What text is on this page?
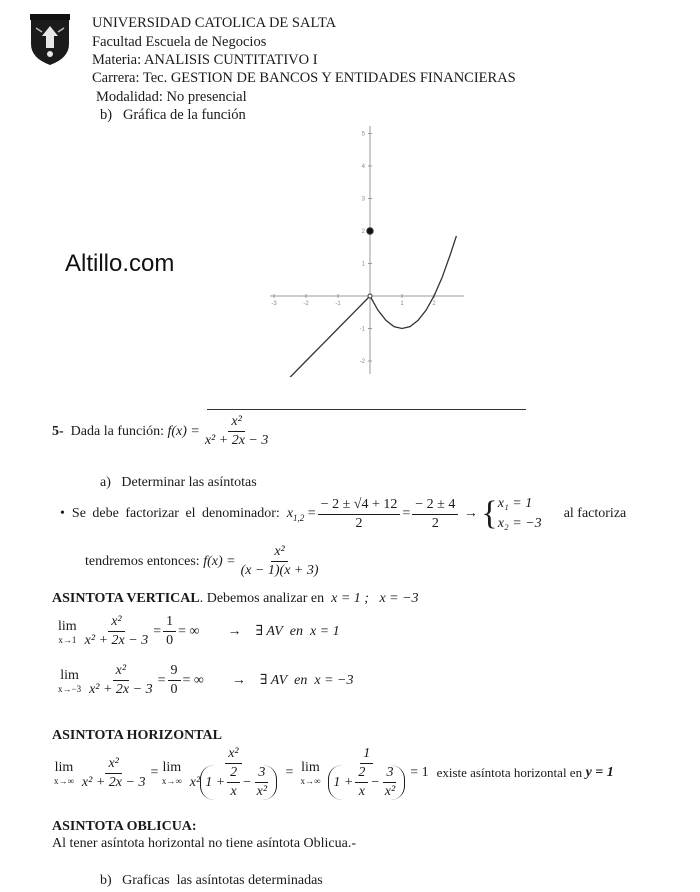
UNIVERSIDAD CATOLICA DE SALTA
Facultad Escuela de Negocios
Materia: ANALISIS CUNTITATIVO I
Carrera: Tec. GESTION DE BANCOS Y ENTIDADES FINANCIERAS
Modalidad: No presencial
b)   Gráfica de la función
Altillo.com
-3	-2	-1	1	2
5
4
3
2
1
-1
-2
5-
Dada la función:
$f(x) = \frac{\text{x²}}{\text{x² + 2x − 3}}$
a)   Determinar las asíntotas
• Se debe factorizar el denominador:
$x_{1,2}$
= $\frac{- 2 \pm √4 + 12}{2} = \frac{- 2 \pm 4}{2}$
→
{ x₁ = 1
x₂ = −3
al factoriza
tendremos entonces:
$f(x) = \frac{\text{x²}}{(x - 1)(x + 3)}$
ASINTOTA VERTICAL. Debemos analizar en x = 1 ;   x = −3
lim
$x\to 1 \frac{\text{x²}}{\text{x² + 2x − 3}} = \frac{1}{0}$ = ∞ → ∃ AV  en  x = 1
lim
$x\to-3 \frac{\text{x²}}{\text{x² + 2x − 3}} = \frac{9}{0}$ = ∞ → ∃ AV  en  x = −3
ASINTOTA HORIZONTAL
lim
$x\to\infty \frac{\text{x²}}{\text{x² + 2x − 3}}$ =
lim
$x\to\infty \frac{\text{x²}}{x^2 1 + \frac{2}{x} - \frac{3}{\text{x²}}}$
=
lim
$x\to\infty \frac{1}{1 + \frac{2}{x} - \frac{3}{\text{x²}}} = 1$ existe asíntota horizontal en
y = 1
ASINTOTA OBLICUA:
Al tener asíntota horizontal no tiene asíntota Oblicua.-
b)   Graficas  las asíntotas determinadas
